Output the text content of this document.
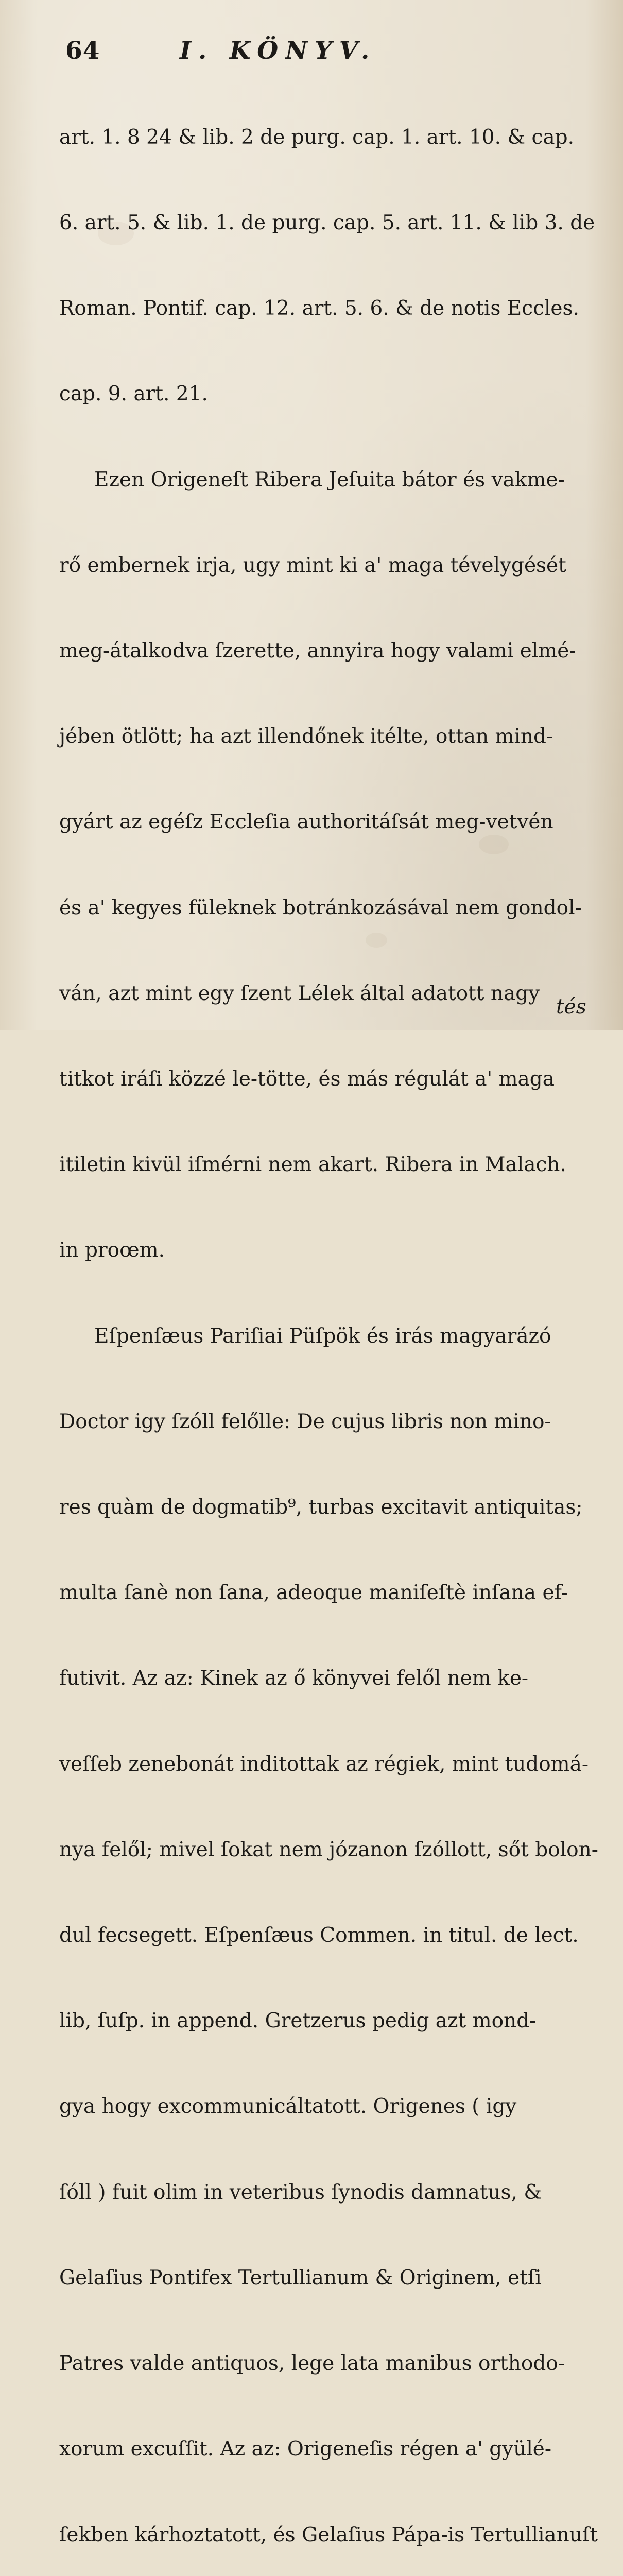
64	I. KÖNYV.

art. 1. 8 24 & lib. 2 de purg. cap. 1. art. 10. & cap.

6. art. 5. & lib. 1. de purg. cap. 5. art. 11. & lib 3. de

Roman. Pontif. cap. 12. art. 5. 6. & de notis Eccles.

cap. 9. art. 21.

Ezen Origeneſt Ribera Jeſuita bátor és vakme-

rő embernek irja, ugy mint ki a' maga tévelygését

meg-átalkodva ſzerette, annyira hogy valami elmé-

jében ötlött; ha azt illendőnek itélte, ottan mind-

gyárt az egéſz Eccleſia authoritáſsát meg-vetvén

és a' kegyes füleknek botránkozásával nem gondol-

ván, azt mint egy ſzent Lélek által adatott nagy

titkot iráſi közzé le-tötte, és más régulát a' maga

itiletin kivül iſmérni nem akart. Ribera in Malach.

in proœm.

Eſpenſæus Pariſiai Püſpök és irás magyarázó

Doctor igy ſzóll felőlle: De cujus libris non mino-

res quàm de dogmatib⁹, turbas excitavit antiquitas;

multa ſanè non ſana, adeoque maniſeſtè inſana ef-

futivit. Az az: Kinek az ő könyvei felől nem ke-

veſſeb zenebonát inditottak az régiek, mint tudomá-

nya felől; mivel ſokat nem józanon ſzóllott, sőt bolon-

dul fecsegett. Eſpenſæus Commen. in titul. de lect.

lib, ſuſp. in append. Gretzerus pedig azt mond-

gya hogy excommunicáltatott. Origenes ( igy

ſóll ) fuit olim in veteribus ſynodis damnatus, &

Gelaſius Pontifex Tertullianum & Originem, etſi

Patres valde antiquos, lege lata manibus orthodo-

xorum excuſſit. Az az: Origeneſis régen a' gyülé-

ſekben kárhoztatott, és Gelaſius Pápa-is Tertullianuſt

tés
